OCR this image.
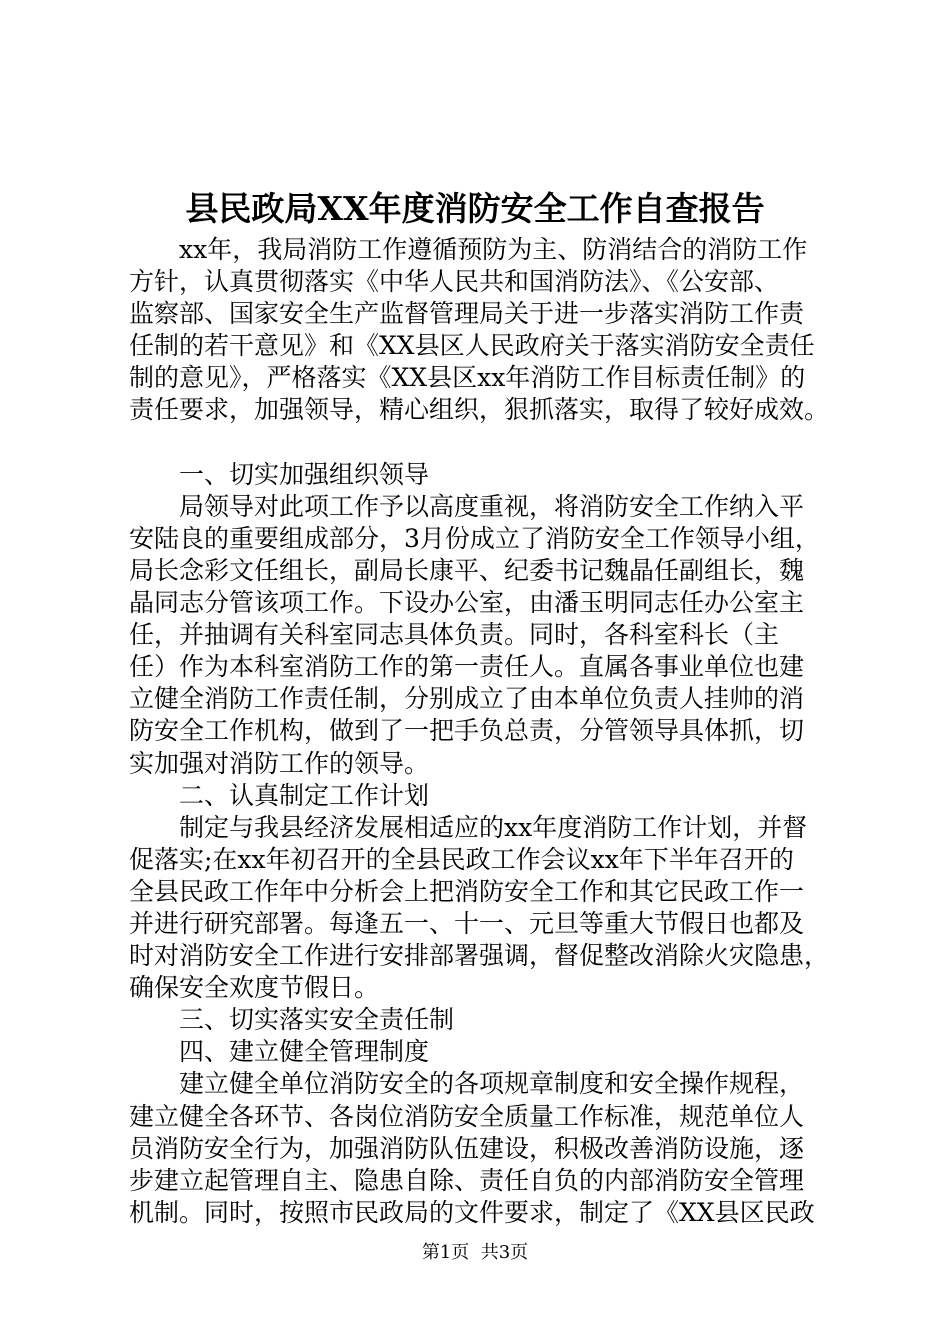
县民政局XX年度消防安全工作自查报告
xx年，我局消防工作遵循预防为主、防消结合的消防工作
方针，认真贯彻落实《中华人民共和国消防法》、《公安部、
监察部、国家安全生产监督管理局关于进一步落实消防工作责
任制的若干意见》和《XX县区人民政府关于落实消防安全责任
制的意见》，严格落实《XX县区xx年消防工作目标责任制》的
责任要求，加强领导，精心组织，狠抓落实，取得了较好成效。
一、切实加强组织领导
局领导对此项工作予以高度重视，将消防安全工作纳入平
安陆良的重要组成部分，3月份成立了消防安全工作领导小组，
局长念彩文任组长，副局长康平、纪委书记魏晶任副组长，魏
晶同志分管该项工作。下设办公室，由潘玉明同志任办公室主
任，并抽调有关科室同志具体负责。同时，各科室科长（主
任）作为本科室消防工作的第一责任人。直属各事业单位也建
立健全消防工作责任制，分别成立了由本单位负责人挂帅的消
防安全工作机构，做到了一把手负总责，分管领导具体抓，切
实加强对消防工作的领导。
二、认真制定工作计划
制定与我县经济发展相适应的xx年度消防工作计划，并督
促落实;在xx年初召开的全县民政工作会议xx年下半年召开的
全县民政工作年中分析会上把消防安全工作和其它民政工作一
并进行研究部署。每逢五一、十一、元旦等重大节假日也都及
时对消防安全工作进行安排部署强调，督促整改消除火灾隐患，
确保安全欢度节假日。
三、切实落实安全责任制
四、建立健全管理制度
建立健全单位消防安全的各项规章制度和安全操作规程，
建立健全各环节、各岗位消防安全质量工作标准，规范单位人
员消防安全行为，加强消防队伍建设，积极改善消防设施，逐
步建立起管理自主、隐患自除、责任自负的内部消防安全管理
机制。同时，按照市民政局的文件要求，制定了《XX县区民政
第1页  共3页
